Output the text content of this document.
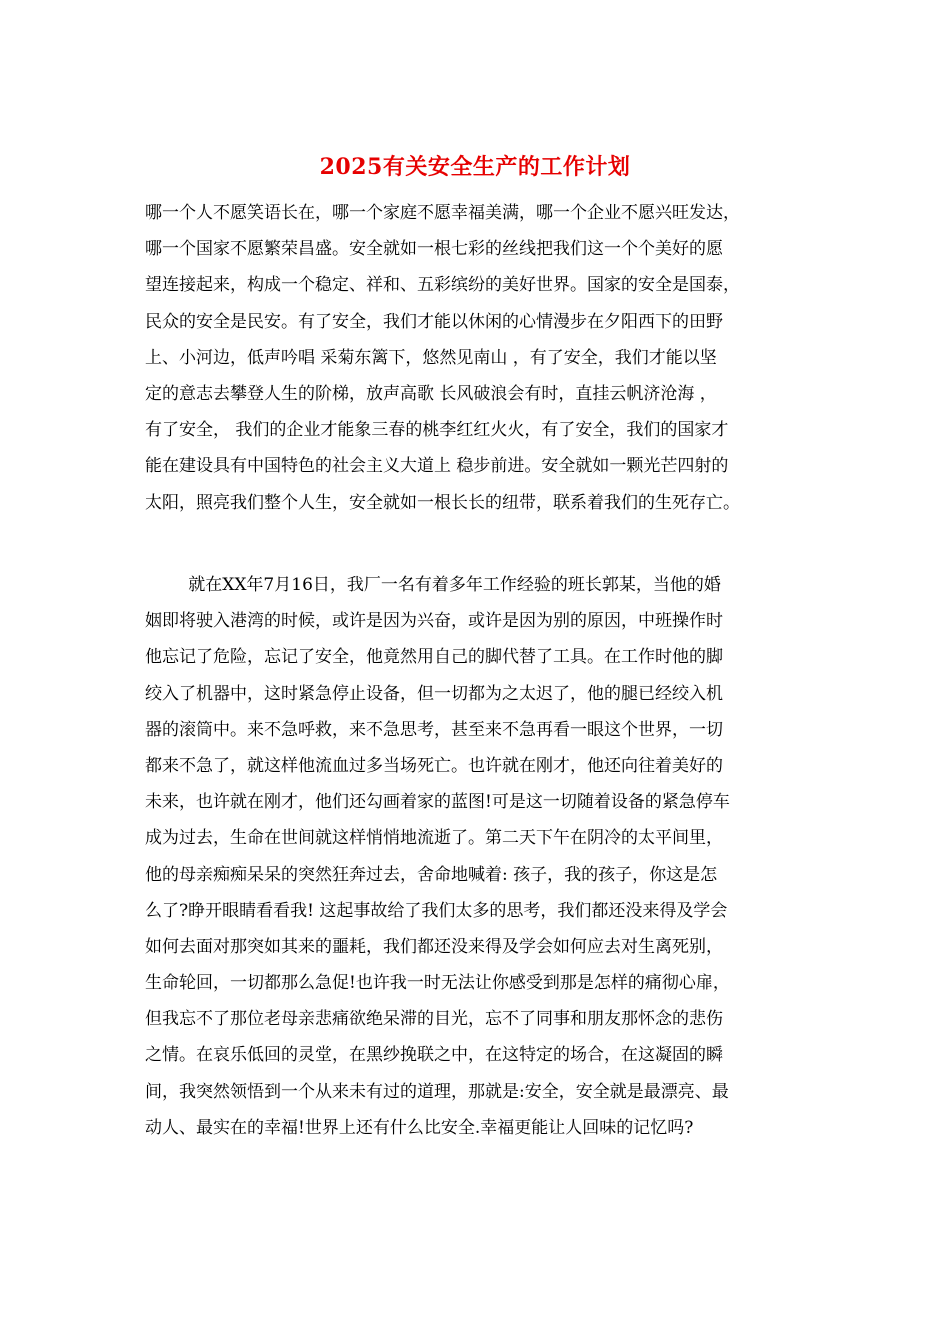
2025有关安全生产的工作计划
哪一个人不愿笑语长在，哪一个家庭不愿幸福美满，哪一个企业不愿兴旺发达，
哪一个国家不愿繁荣昌盛。安全就如一根七彩的丝线把我们这一个个美好的愿
望连接起来，构成一个稳定、祥和、五彩缤纷的美好世界。国家的安全是国泰，
民众的安全是民安。有了安全，我们才能以休闲的心情漫步在夕阳西下的田野
上、小河边，低声吟唱 采菊东篱下，悠然见南山 ，有了安全，我们才能以坚
定的意志去攀登人生的阶梯，放声高歌 长风破浪会有时，直挂云帆济沧海 ，
有了安全， 我们的企业才能象三春的桃李红红火火，有了安全，我们的国家才
能在建设具有中国特色的社会主义大道上 稳步前进。安全就如一颗光芒四射的
太阳，照亮我们整个人生，安全就如一根长长的纽带，联系着我们的生死存亡。
就在XX年7月16日，我厂一名有着多年工作经验的班长郭某，当他的婚
姻即将驶入港湾的时候，或许是因为兴奋，或许是因为别的原因，中班操作时
他忘记了危险，忘记了安全，他竟然用自己的脚代替了工具。在工作时他的脚
绞入了机器中，这时紧急停止设备，但一切都为之太迟了，他的腿已经绞入机
器的滚筒中。来不急呼救，来不急思考，甚至来不急再看一眼这个世界，一切
都来不急了，就这样他流血过多当场死亡。也许就在刚才，他还向往着美好的
未来，也许就在刚才，他们还勾画着家的蓝图!可是这一切随着设备的紧急停车
成为过去，生命在世间就这样悄悄地流逝了。第二天下午在阴冷的太平间里，
他的母亲痴痴呆呆的突然狂奔过去，舍命地喊着: 孩子，我的孩子，你这是怎
么了?睁开眼睛看看我! 这起事故给了我们太多的思考，我们都还没来得及学会
如何去面对那突如其来的噩耗，我们都还没来得及学会如何应去对生离死别，
生命轮回，一切都那么急促!也许我一时无法让你感受到那是怎样的痛彻心扉，
但我忘不了那位老母亲悲痛欲绝呆滞的目光，忘不了同事和朋友那怀念的悲伤
之情。在哀乐低回的灵堂，在黑纱挽联之中，在这特定的场合，在这凝固的瞬
间，我突然领悟到一个从来未有过的道理，那就是:安全，安全就是最漂亮、最
动人、最实在的幸福!世界上还有什么比安全.幸福更能让人回味的记忆吗?
